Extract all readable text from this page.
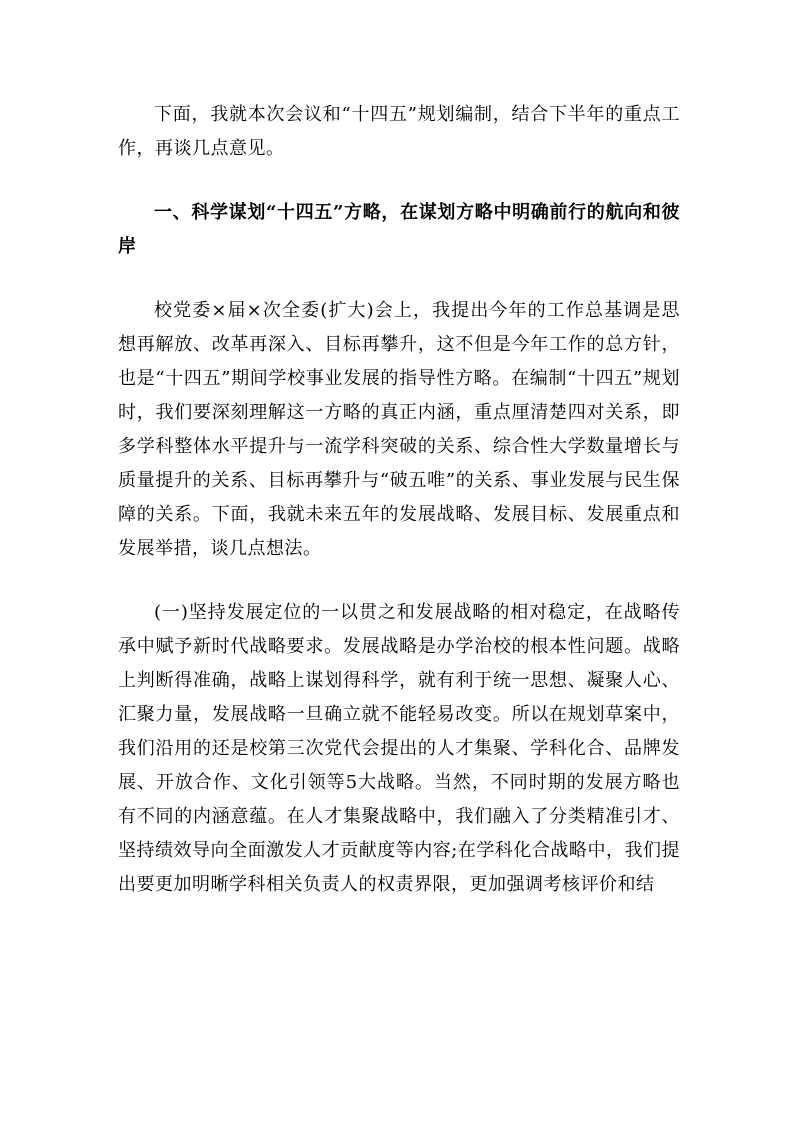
下面，我就本次会议和“十四五”规划编制，结合下半年的重点工作，再谈几点意见。

一、科学谋划“十四五”方略，在谋划方略中明确前行的航向和彼岸

校党委×届×次全委(扩大)会上，我提出今年的工作总基调是思想再解放、改革再深入、目标再攀升，这不但是今年工作的总方针，也是“十四五”期间学校事业发展的指导性方略。在编制“十四五”规划时，我们要深刻理解这一方略的真正内涵，重点厘清楚四对关系，即多学科整体水平提升与一流学科突破的关系、综合性大学数量增长与质量提升的关系、目标再攀升与“破五唯”的关系、事业发展与民生保障的关系。下面，我就未来五年的发展战略、发展目标、发展重点和发展举措，谈几点想法。

(一)坚持发展定位的一以贯之和发展战略的相对稳定，在战略传承中赋予新时代战略要求。发展战略是办学治校的根本性问题。战略上判断得准确，战略上谋划得科学，就有利于统一思想、凝聚人心、汇聚力量，发展战略一旦确立就不能轻易改变。所以在规划草案中，我们沿用的还是校第三次党代会提出的人才集聚、学科化合、品牌发展、开放合作、文化引领等5大战略。当然，不同时期的发展方略也有不同的内涵意蕴。在人才集聚战略中，我们融入了分类精准引才、坚持绩效导向全面激发人才贡献度等内容;在学科化合战略中，我们提出要更加明晰学科相关负责人的权责界限，更加强调考核评价和结
